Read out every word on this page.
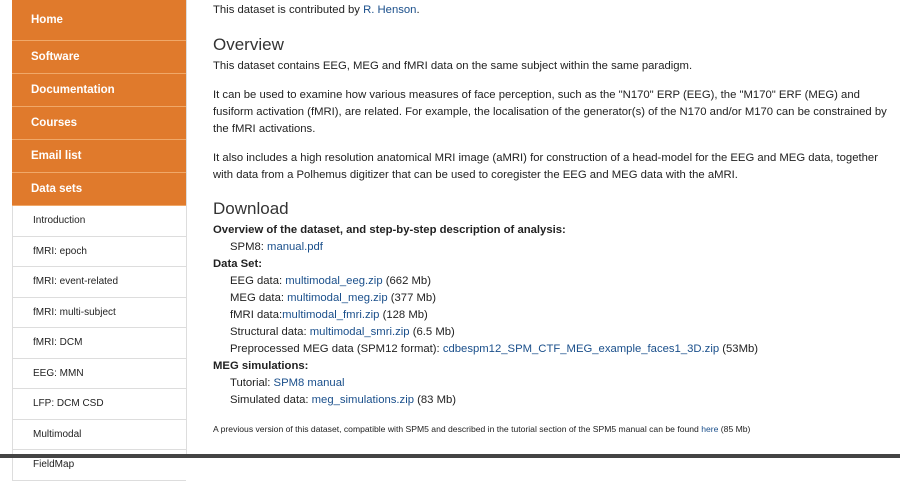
Home
Software
Documentation
Courses
Email list
Data sets
Introduction
fMRI: epoch
fMRI: event-related
fMRI: multi-subject
fMRI: DCM
EEG: MMN
LFP: DCM CSD
Multimodal
FieldMap

This dataset is contributed by R. Henson.

Overview

This dataset contains EEG, MEG and fMRI data on the same subject within the same paradigm.

It can be used to examine how various measures of face perception, such as the "N170" ERP (EEG), the "M170" ERF (MEG) and
fusiform activation (fMRI), are related. For example, the localisation of the generator(s) of the N170 and/or M170 can be constrained by
the fMRI activations.

It also includes a high resolution anatomical MRI image (aMRI) for construction of a head-model for the EEG and MEG data, together
with data from a Polhemus digitizer that can be used to coregister the EEG and MEG data with the aMRI.

Download
Overview of the dataset, and step-by-step description of analysis:
SPM8: manual.pdf
Data Set:
EEG data: multimodal_eeg.zip (662 Mb)
MEG data: multimodal_meg.zip (377 Mb)
fMRI data:multimodal_fmri.zip (128 Mb)
Structural data: multimodal_smri.zip (6.5 Mb)
Preprocessed MEG data (SPM12 format): cdbespm12_SPM_CTF_MEG_example_faces1_3D.zip (53Mb)
MEG simulations:
Tutorial: SPM8 manual
Simulated data: meg_simulations.zip (83 Mb)

A previous version of this dataset, compatible with SPM5 and described in the tutorial section of the SPM5 manual can be found here (85 Mb)
